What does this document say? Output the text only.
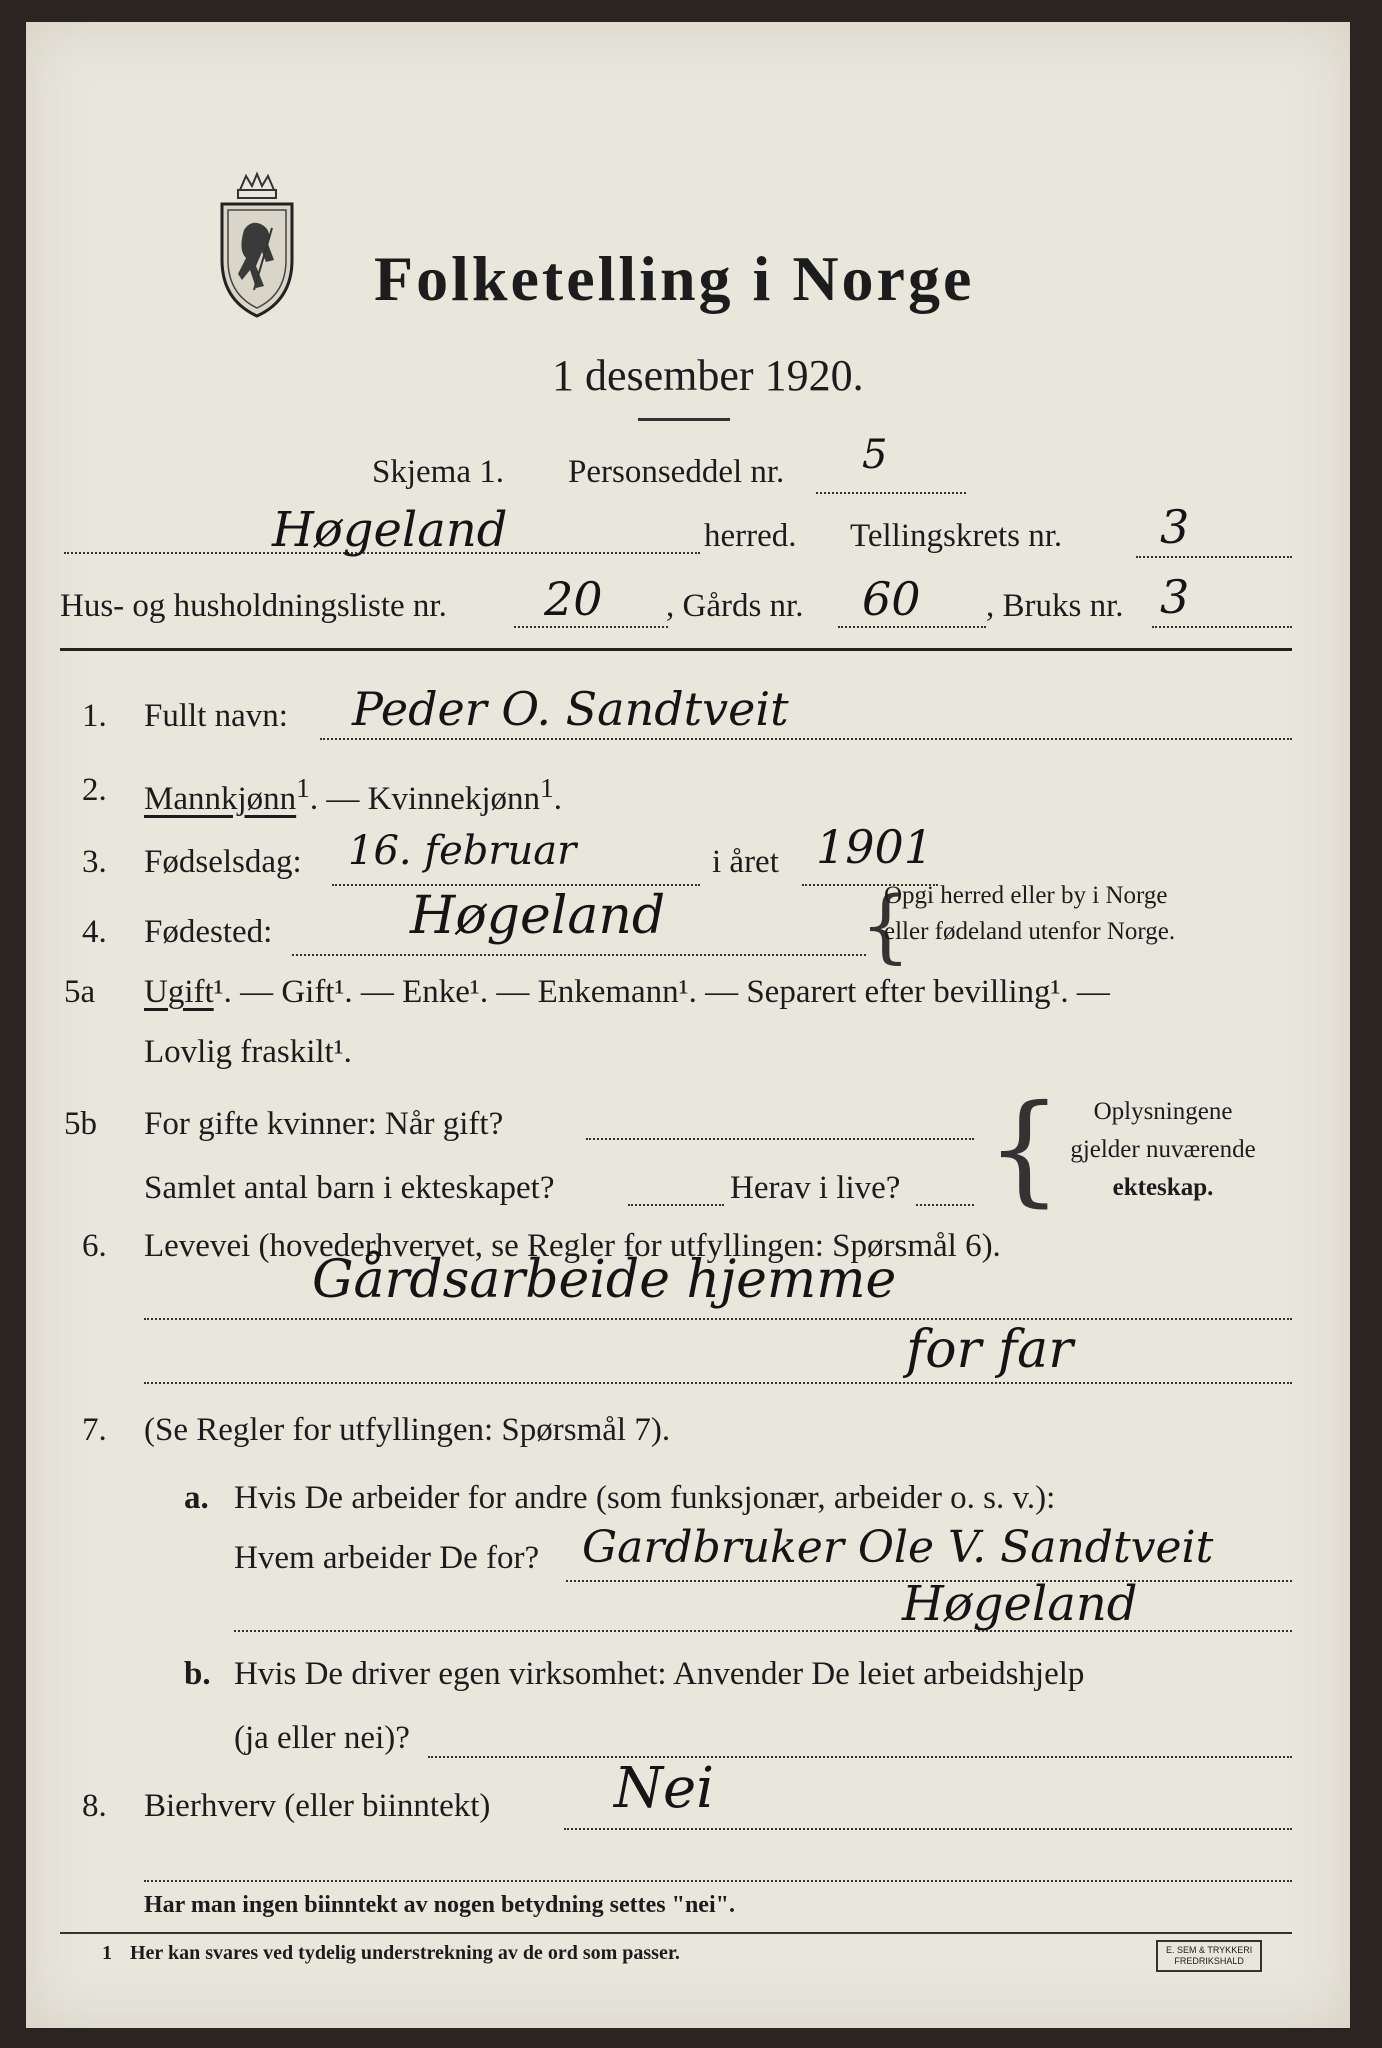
Folketelling i Norge
1 desember 1920.
Skjema 1. Personseddel nr. 5
Høgeland	herred. Tellingskrets nr. 3
Hus- og husholdningsliste nr. 20 , Gårds nr. 60 , Bruks nr. 3
1. Fullt navn: Peder O. Sandtveit
2. Mannkjønn$^1$. — Kvinnekjønn$^1$.
3. Fødselsdag: 16. februar	i året 1901
4. Fødested:	Høgeland {
Opgi herred eller by i Norge
eller fødeland utenfor Norge.
5a Ugift¹. — Gift¹. — Enke¹. — Enkemann¹. — Separert efter bevilling¹. —
Lovlig fraskilt¹.
5b For gifte kvinner: Når gift?
Samlet antal barn i ekteskapet?	Herav i live? {	Oplysningene
gjelder nuværende
ekteskap.
6. Levevei (hovederhvervet, se Regler for utfyllingen: Spørsmål 6).
Gårdsarbeide hjemme
for far
7. (Se Regler for utfyllingen: Spørsmål 7).
a. Hvis De arbeider for andre (som funksjonær, arbeider o. s. v.):
Hvem arbeider De for? Gardbruker Ole V. Sandtveit
Høgeland
b. Hvis De driver egen virksomhet: Anvender De leiet arbeidshjelp
(ja eller nei)?
8. Bierhverv (eller biinntekt) Nei
Har man ingen biinntekt av nogen betydning settes "nei".
1 Her kan svares ved tydelig understrekning av de ord som passer.	E. SEM & TRYKKERI
FREDRIKSHALD
